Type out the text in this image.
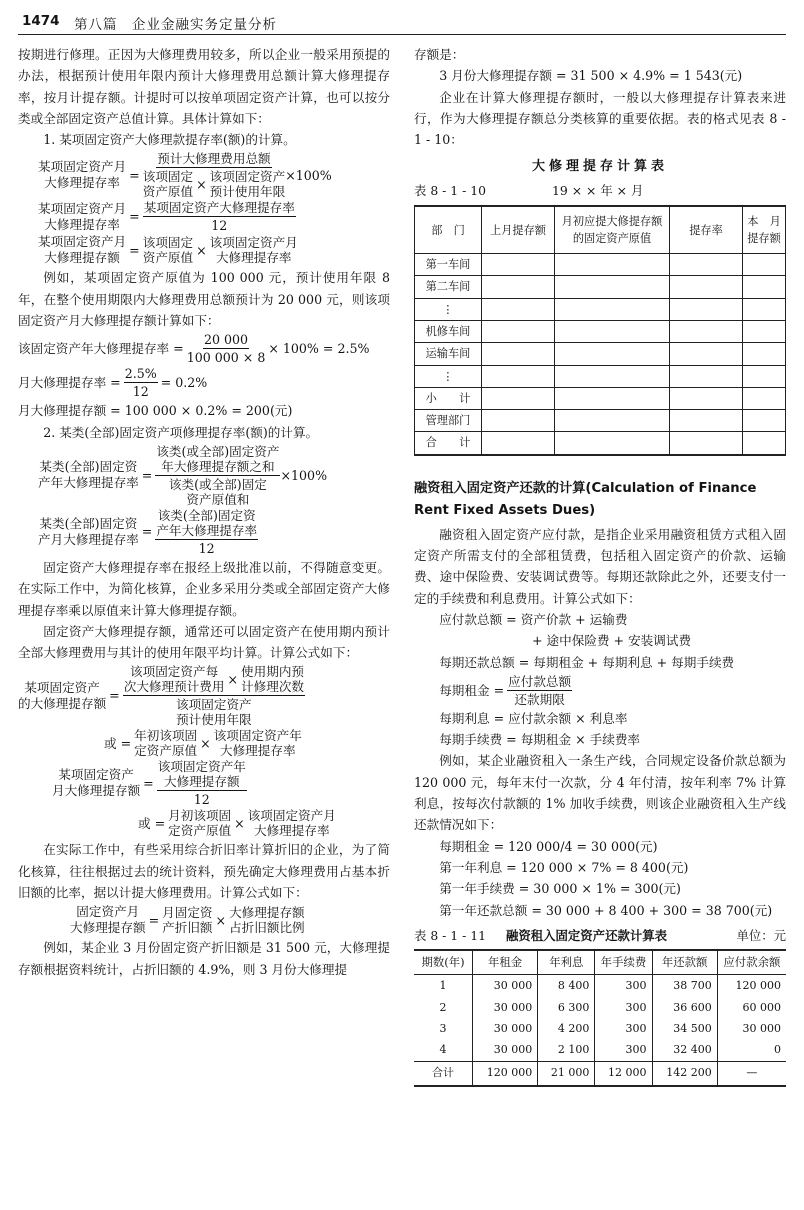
1474 第八篇　企业金融实务定量分析

按期进行修理。正因为大修理费用较多，所以企业一般采用预提的办法，根据预计使用年限内预计大修理费用总额计算大修理提存率，按月计提存额。计提时可以按单项固定资产计算，也可以按分类或全部固定资产总值计算。具体计算如下：

1. 某项固定资产大修理款提存率(额)的计算。

某项固定资产月
大修理提存率
=
预计大修理费用总额
该项固定
资产原值 × 该项固定资产
预计使用年限
×100%
某项固定资产月
大修理提存率
=
某项固定资产大修理提存率
12
某项固定资产月
大修理提存额
= 该项固定
资产原值
× 该项固定资产月
大修理提存率

例如，某项固定资产原值为 100 000 元，预计使用年限 8 年，在整个使用期限内大修理费用总额预计为 20 000 元，则该项固定资产月大修理提存额计算如下：

该固定资产年大修理提存率 = $\frac{20 000}{100 000 \times 8} \times 100\% = 2.5\%$
月大修理提存率 = $\frac{2.5\%}{12} = 0.2\%$

月大修理提存额 = 100 000 × 0.2% = 200(元)

2. 某类(全部)固定资产项修理提存率(额)的计算。

某类(全部)固定资
产年大修理提存率
=
该类(或全部)固定资产
年大修理提存额之和
该类(或全部)固定
资产原值和
×100%
某类(全部)固定资
产月大修理提存率
=
该类(全部)固定资
产年大修理提存率
12

固定资产大修理提存率在报经上级批准以前，不得随意变更。在实际工作中，为简化核算，企业多采用分类或全部固定资产大修理提存率乘以原值来计算大修理提存额。

固定资产大修理提存额，通常还可以固定资产在使用期内预计全部大修理费用与其计的使用年限平均计算。计算公式如下：

某项固定资产
的大修理提存额
=
该项固定资产每
次大修理预计费用 × 使用期内预
计修理次数
该项固定资产
预计使用年限
或 = 年初该项固
定资产原值
× 该项固定资产年
大修理提存率
某项固定资产
月大修理提存额
=
该项固定资产年
大修理提存额
12
或 = 月初该项固
定资产原值
× 该项固定资产月
大修理提存率

在实际工作中，有些采用综合折旧率计算折旧的企业，为了简化核算，往往根据过去的统计资料，预先确定大修理费用占基本折旧额的比率，据以计提大修理费用。计算公式如下：

固定资产月
大修理提存额
= 月固定资
产折旧额
× 大修理提存额
占折旧额比例

例如，某企业 3 月份固定资产折旧额是 31 500 元，大修理提存额根据资料统计，占折旧额的 4.9%，则 3 月份大修理提

存额是：

3 月份大修理提存额 = 31 500 × 4.9% = 1 543(元)

企业在计算大修理提存额时，一般以大修理提存计算表来进行，作为大修理提存额总分类核算的重要依据。表的格式见表 8 - 1 - 10：

大修理提存计算表
表 8 - 1 - 10	19 × × 年 × 月
部　门	上月提存额	月初应提大修提存额的固定资产原值	提存率	本　月提存额
第一车间				
第二车间				
⋮				
机修车间				
运输车间				
⋮				
小　　计				
管理部门				
合　　计				
融资租入固定资产还款的计算(Calculation of Finance Rent Fixed Assets Dues)

融资租入固定资产应付款，是指企业采用融资租赁方式租入固定资产所需支付的全部租赁费，包括租入固定资产的价款、运输费、途中保险费、安装调试费等。每期还款除此之外，还要支付一定的手续费和利息费用。计算公式如下：

应付款总额 = 资产价款 + 运输费

+ 途中保险费 + 安装调试费

每期还款总额 = 每期租金 + 每期利息 + 每期手续费

每期租金 =
应付款总额
还款期限

每期利息 = 应付款余额 × 利息率

每期手续费 = 每期租金 × 手续费率

例如，某企业融资租入一条生产线，合同规定设备价款总额为 120 000 元，每年末付一次款，分 4 年付清，按年利率 7% 计算利息，按每次付款额的 1% 加收手续费，则该企业融资租入生产线还款情况如下：

每期租金 = 120 000/4 = 30 000(元)

第一年利息 = 120 000 × 7% = 8 400(元)

第一年手续费 = 30 000 × 1% = 300(元)

第一年还款总额 = 30 000 + 8 400 + 300 = 38 700(元)

表 8 - 1 - 11 融资租入固定资产还款计算表	单位：元
期数(年)	年租金	年利息	年手续费	年还款额	应付款余额
1	30 000	8 400	300	38 700	120 000
2	30 000	6 300	300	36 600	60 000
3	30 000	4 200	300	34 500	30 000
4	30 000	2 100	300	32 400	0
合计	120 000	21 000	12 000	142 200	—
